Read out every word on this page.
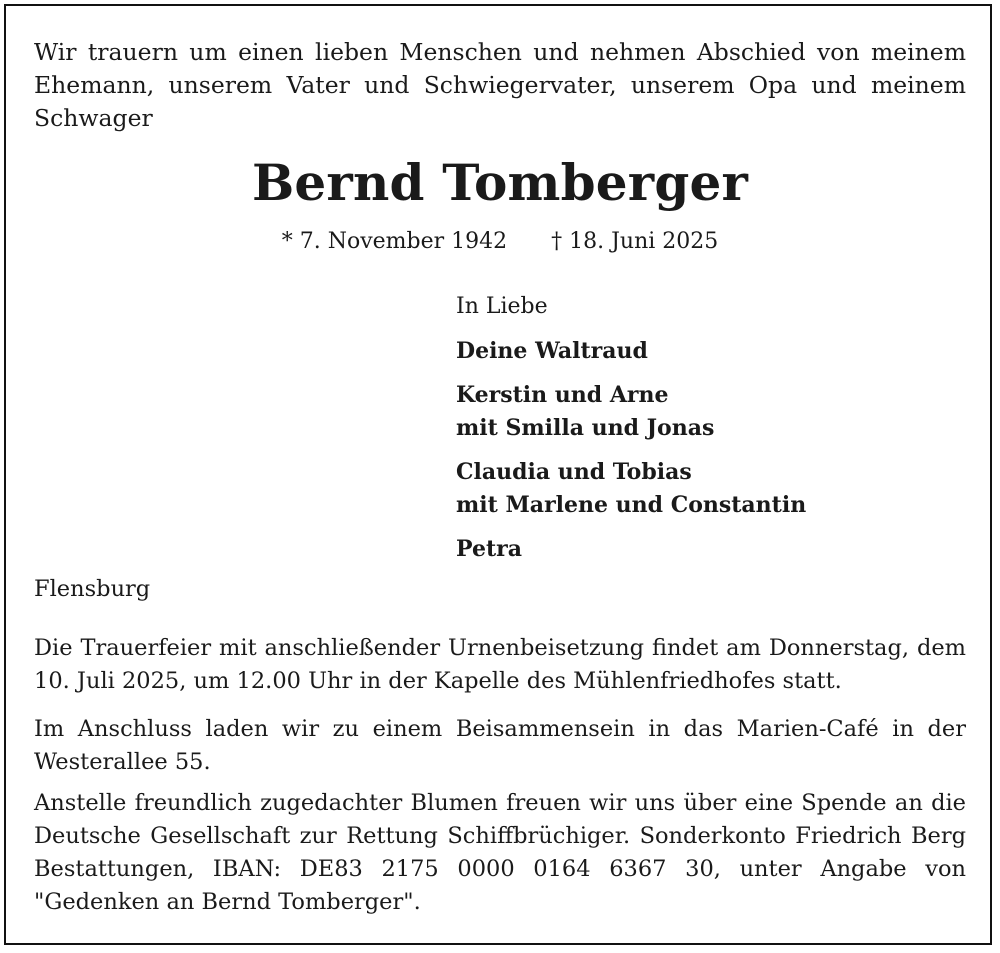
Wir trauern um einen lieben Menschen und nehmen Abschied von meinem Ehemann, unserem Vater und Schwiegervater, unserem Opa und meinem Schwager

Bernd Tomberger
* 7. November 1942 † 18. Juni 2025
In Liebe
Deine Waltraud
Kerstin und Arne
mit Smilla und Jonas
Claudia und Tobias
mit Marlene und Constantin
Petra

Flensburg

Die Trauerfeier mit anschließender Urnenbeisetzung findet am Donnerstag, dem 10. Juli 2025, um 12.00 Uhr in der Kapelle des Mühlenfriedhofes statt.

Im Anschluss laden wir zu einem Beisammensein in das Marien-Café in der Westerallee 55.

Anstelle freundlich zugedachter Blumen freuen wir uns über eine Spende an die Deutsche Gesellschaft zur Rettung Schiffbrüchiger. Sonderkonto Friedrich Berg Bestattungen, IBAN: DE83 2175 0000 0164 6367 30, unter Angabe von "Gedenken an Bernd Tomberger".
